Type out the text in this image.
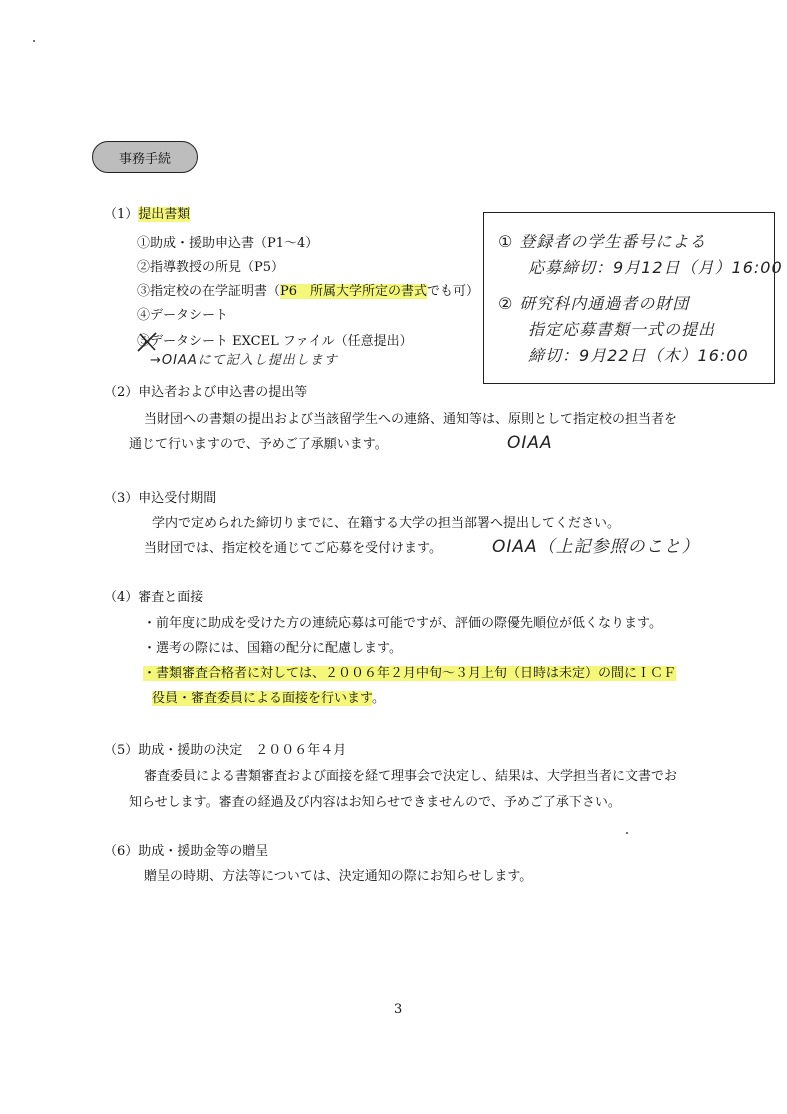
事務手続
（1）提出書類
①助成・援助申込書（P1～4）
②指導教授の所見（P5）
③指定校の在学証明書（P6　所属大学所定の書式でも可）
④データシート
⑤データシート EXCEL ファイル（任意提出）
→OIAAにて記入し提出します
① 登録者の学生番号による
応募締切：9月12日（月）16:00
② 研究科内通過者の財団
指定応募書類一式の提出
締切：9月22日（木）16:00
（2）申込者および申込書の提出等
当財団への書類の提出および当該留学生への連絡、通知等は、原則として指定校の担当者を
通じて行いますので、予めご了承願います。	OIAA
（3）申込受付期間
学内で定められた締切りまでに、在籍する大学の担当部署へ提出してください。
当財団では、指定校を通じてご応募を受付けます。	OIAA（上記参照のこと）
（4）審査と面接
・前年度に助成を受けた方の連続応募は可能ですが、評価の際優先順位が低くなります。
・選考の際には、国籍の配分に配慮します。
・書類審査合格者に対しては、２００６年２月中旬～３月上旬（日時は未定）の間にＩＣＦ
役員・審査委員による面接を行います。
（5）助成・援助の決定　２００６年４月
審査委員による書類審査および面接を経て理事会で決定し、結果は、大学担当者に文書でお
知らせします。審査の経過及び内容はお知らせできませんので、予めご了承下さい。
（6）助成・援助金等の贈呈
贈呈の時期、方法等については、決定通知の際にお知らせします。
3
